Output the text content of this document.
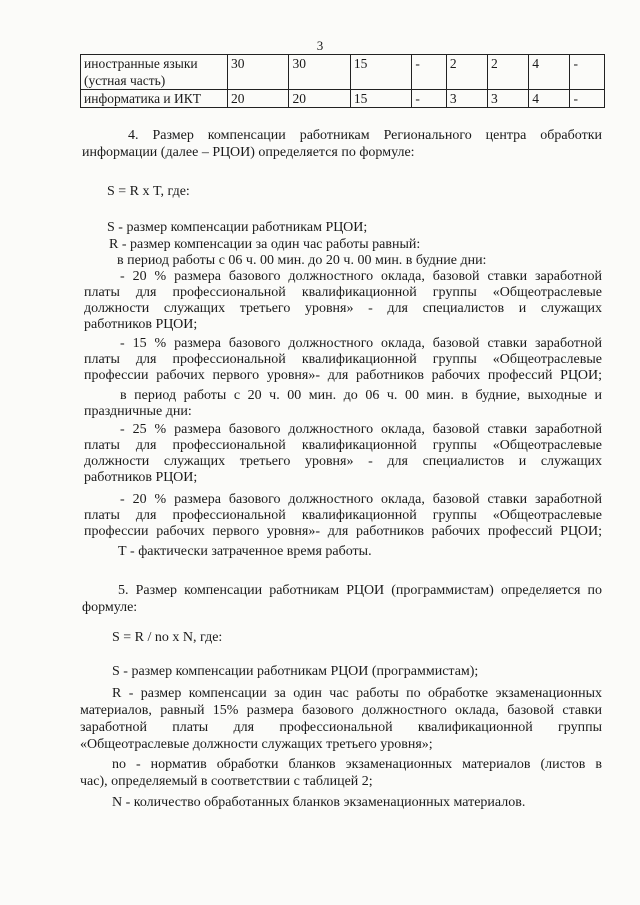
3
иностранные языки
(устная часть)	30	30	15	-	2	2	4	-
информатика и ИКТ	20	20	15	-	3	3	4	-
4. Размер компенсации работникам Регионального центра обработки
информации (далее – РЦОИ) определяется по формуле:
S = R х T, где:
S - размер компенсации работникам РЦОИ;
R - размер компенсации за один час работы равный:
в период работы с 06 ч. 00 мин. до 20 ч. 00 мин. в будние дни:
- 20 % размера базового должностного оклада, базовой ставки заработной
платы для профессиональной квалификационной группы «Общеотраслевые
должности служащих третьего уровня» - для специалистов и служащих
работников РЦОИ;
- 15 % размера базового должностного оклада, базовой ставки заработной
платы для профессиональной квалификационной группы «Общеотраслевые
профессии рабочих первого уровня»- для работников рабочих профессий РЦОИ;
в период работы с 20 ч. 00 мин. до 06 ч. 00 мин. в будние, выходные и
праздничные дни:
- 25 % размера базового должностного оклада, базовой ставки заработной
платы для профессиональной квалификационной группы «Общеотраслевые
должности служащих третьего уровня» - для специалистов и служащих
работников РЦОИ;
- 20 % размера базового должностного оклада, базовой ставки заработной
платы для профессиональной квалификационной группы «Общеотраслевые
профессии рабочих первого уровня»- для работников рабочих профессий РЦОИ;
Т - фактически затраченное время работы.
5. Размер компенсации работникам РЦОИ (программистам) определяется по
формуле:
S = R / no х N, где:
S - размер компенсации работникам РЦОИ (программистам);
R - размер компенсации за один час работы по обработке экзаменационных
материалов, равный 15% размера базового должностного оклада, базовой ставки
заработной платы для профессиональной квалификационной группы
«Общеотраслевые должности служащих третьего уровня»;
no - норматив обработки бланков экзаменационных материалов (листов в
час), определяемый в соответствии с таблицей 2;
N - количество обработанных бланков экзаменационных материалов.
